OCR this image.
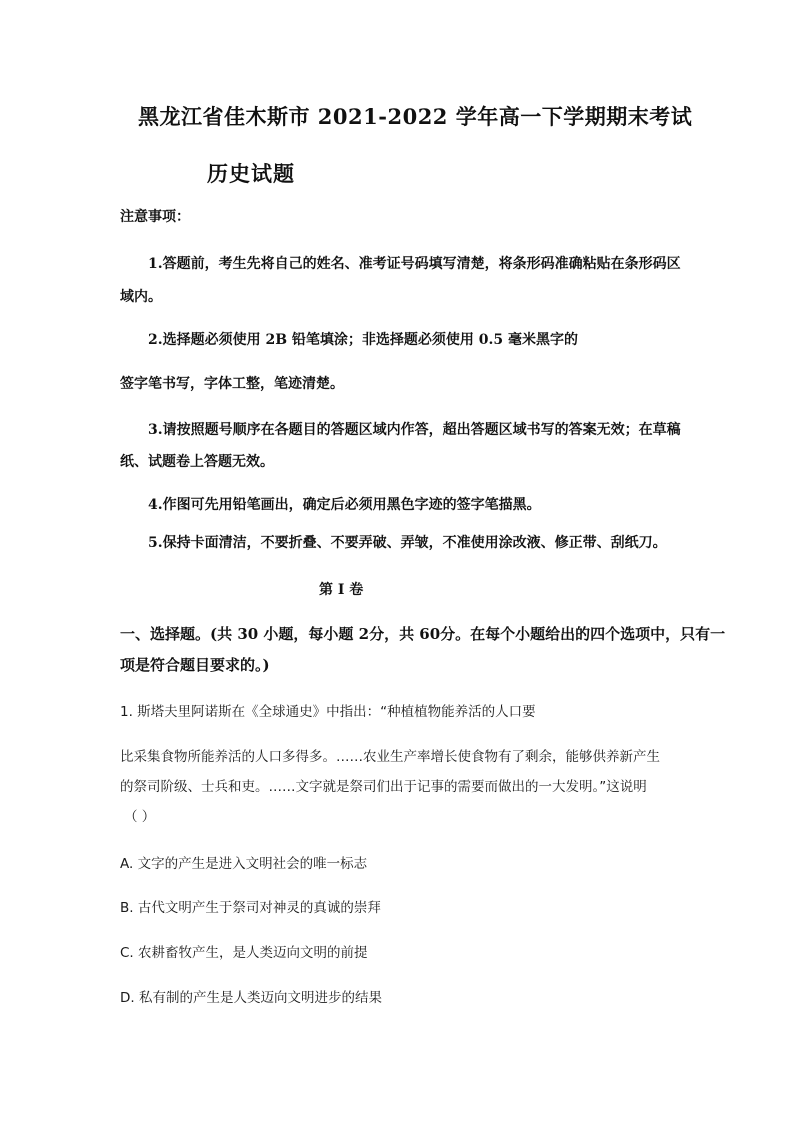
黑龙江省佳木斯市 2021-2022 学年高一下学期期末考试
历史试题
注意事项：
1.答题前，考生先将自己的姓名、准考证号码填写清楚，将条形码准确粘贴在条形码区
域内。
2.选择题必须使用 2B 铅笔填涂；非选择题必须使用 0.5 毫米黑字的
签字笔书写，字体工整，笔迹清楚。
3.请按照题号顺序在各题目的答题区域内作答，超出答题区域书写的答案无效；在草稿
纸、试题卷上答题无效。
4.作图可先用铅笔画出，确定后必须用黑色字迹的签字笔描黑。
5.保持卡面清洁，不要折叠、不要弄破、弄皱，不准使用涂改液、修正带、刮纸刀。
第 Ⅰ 卷
一、选择题。(共 30 小题，每小题 2分，共 60分。在每个小题给出的四个选项中，只有一
项是符合题目要求的。)
1. 斯塔夫里阿诺斯在《全球通史》中指出：“种植植物能养活的人口要
比采集食物所能养活的人口多得多。……农业生产率增长使食物有了剩余，能够供养新产生
的祭司阶级、士兵和吏。……文字就是祭司们出于记事的需要而做出的一大发明。”这说明
（ ）
A. 文字的产生是进入文明社会的唯一标志
B. 古代文明产生于祭司对神灵的真诚的崇拜
C. 农耕畜牧产生，是人类迈向文明的前提
D. 私有制的产生是人类迈向文明进步的结果
